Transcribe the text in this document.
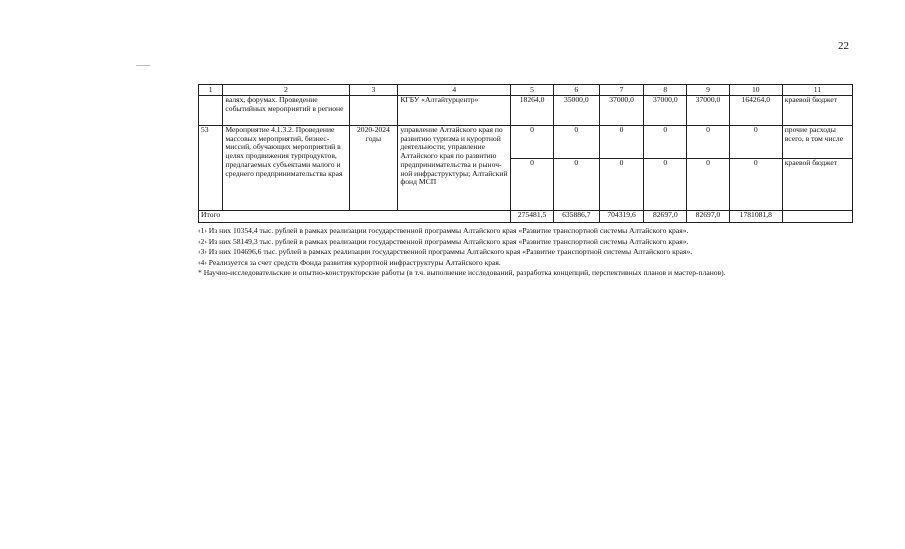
22
1	2	3	4	5	6	7	8	9	10	11
	валях, форумах. Проведение событийных мероприятий в регионе		КГБУ «Алтайтурцентр»	18264,0	35000,0	37000,0	37000,0	37000,0	164264,0	краевой бюджет
53	Мероприятие 4.1.3.2. Проведение массовых мероприятий, бизнес-миссий, обучающих мероприятий в целях продвижения турпродуктов, предлагаемых субъектами малого и среднего предпринимательства края	2020-2024 годы	управление Алтайского края по развитию туризма и курортной деятельности; управление Алтайского края по развитию предпринимательства и рыночной инфраструктуры; Алтайский фонд МСП	0	0	0	0	0	0	прочие расходы всего, в том числе
				0	0	0	0	0	0	краевой бюджет
Итого				275481,5	635886,7	704319,6	82697,0	82697,0	1781081,8	
‹1› Из них 10354,4 тыс. рублей в рамках реализации государственной программы Алтайского края «Развитие транспортной системы Алтайского края».
‹2› Из них 58149,3 тыс. рублей в рамках реализации государственной программы Алтайского края «Развитие транспортной системы Алтайского края».
‹3› Из них 104696,6 тыс. рублей в рамках реализации государственной программы Алтайского края «Развитие транспортной системы Алтайского края».
‹4› Реализуется за счет средств Фонда развития курортной инфраструктуры Алтайского края.
* Научно-исследовательские и опытно-конструкторские работы (в т.ч. выполнение исследований, разработка концепций, перспективных планов и мастер-планов).
